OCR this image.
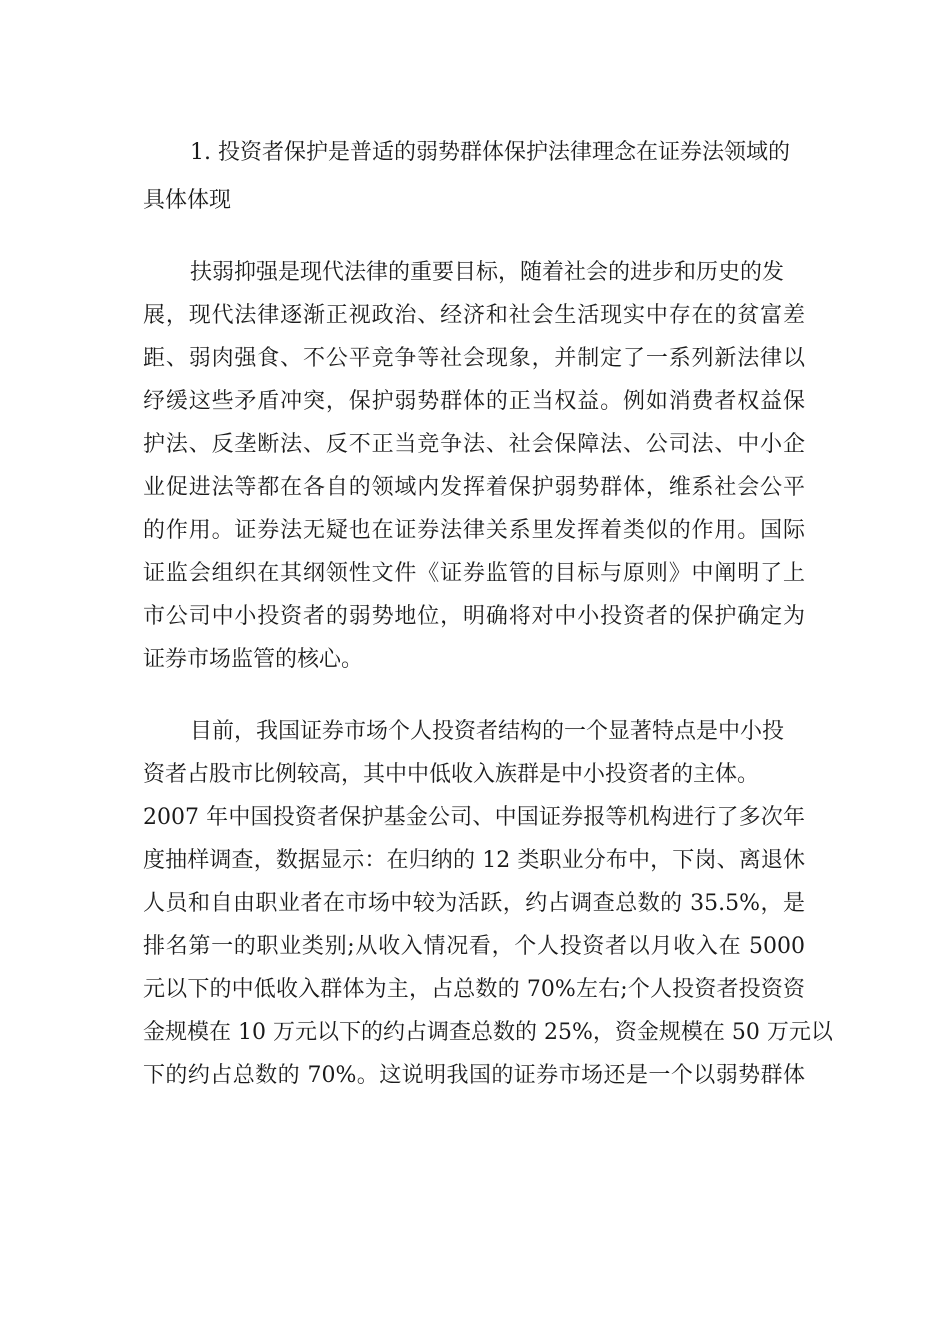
1. 投资者保护是普适的弱势群体保护法律理念在证券法领域的
具体体现
扶弱抑强是现代法律的重要目标，随着社会的进步和历史的发
展，现代法律逐渐正视政治、经济和社会生活现实中存在的贫富差
距、弱肉强食、不公平竞争等社会现象，并制定了一系列新法律以
纾缓这些矛盾冲突，保护弱势群体的正当权益。例如消费者权益保
护法、反垄断法、反不正当竞争法、社会保障法、公司法、中小企
业促进法等都在各自的领域内发挥着保护弱势群体，维系社会公平
的作用。证券法无疑也在证券法律关系里发挥着类似的作用。国际
证监会组织在其纲领性文件《证券监管的目标与原则》中阐明了上
市公司中小投资者的弱势地位，明确将对中小投资者的保护确定为
证券市场监管的核心。
目前，我国证券市场个人投资者结构的一个显著特点是中小投
资者占股市比例较高，其中中低收入族群是中小投资者的主体。
2007 年中国投资者保护基金公司、中国证券报等机构进行了多次年
度抽样调查，数据显示：在归纳的 12 类职业分布中，下岗、离退休
人员和自由职业者在市场中较为活跃，约占调查总数的 35.5%，是
排名第一的职业类别;从收入情况看，个人投资者以月收入在 5000
元以下的中低收入群体为主，占总数的 70%左右;个人投资者投资资
金规模在 10 万元以下的约占调查总数的 25%，资金规模在 50 万元以
下的约占总数的 70%。这说明我国的证券市场还是一个以弱势群体
